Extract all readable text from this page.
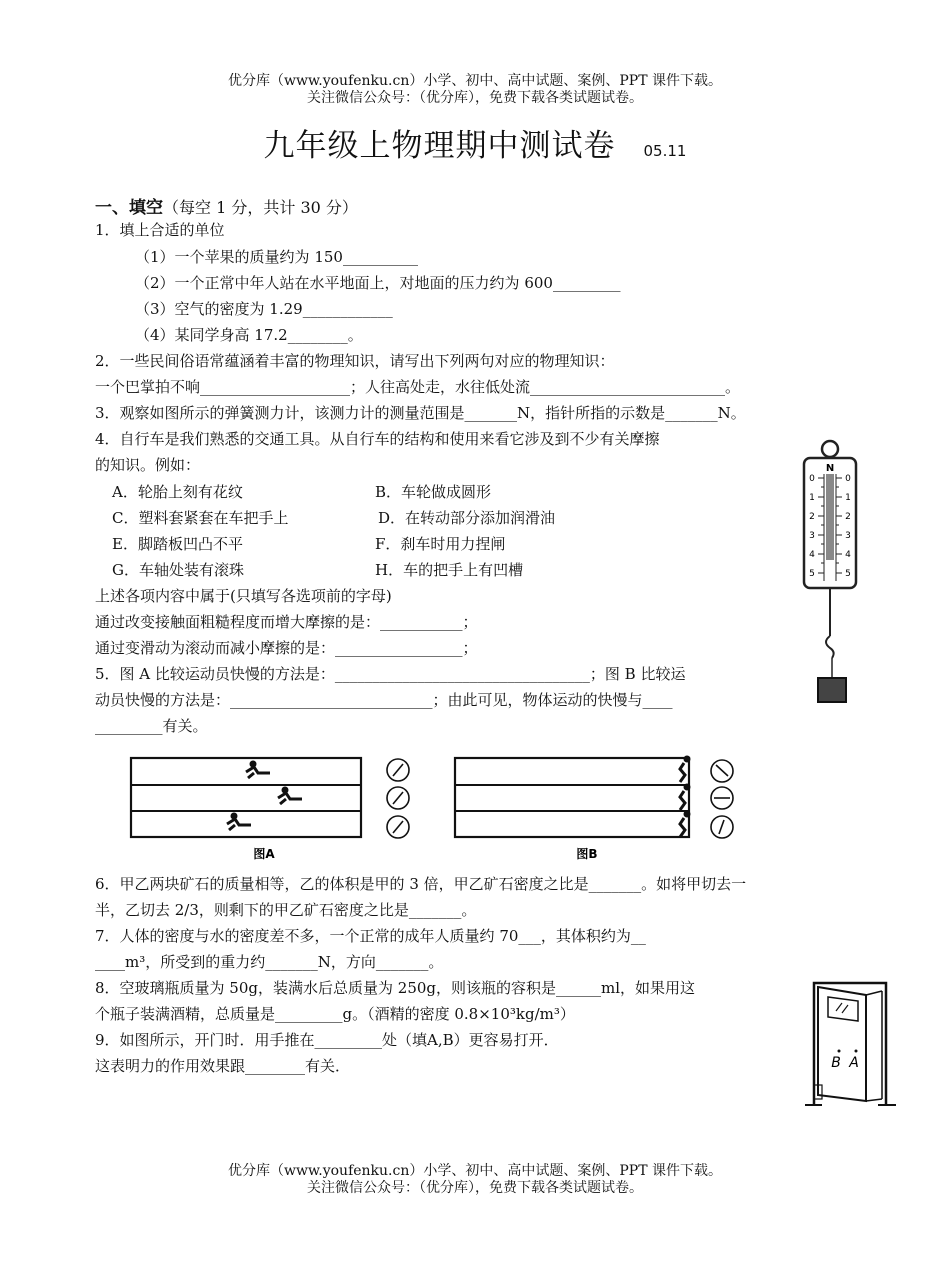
优分库（www.youfenku.cn）小学、初中、高中试题、案例、PPT 课件下载。
关注微信公众号：（优分库），免费下载各类试题试卷。
九年级上物理期中测试卷 05.11
一、填空（每空 1 分，共计 30 分）
1．填上合适的单位
（1）一个苹果的质量约为 150__________
（2）一个正常中年人站在水平地面上，对地面的压力约为 600_________
（3）空气的密度为 1.29____________
（4）某同学身高 17.2________。
2．一些民间俗语常蕴涵着丰富的物理知识，请写出下列两句对应的物理知识：
一个巴掌拍不响____________________；人往高处走，水往低处流__________________________。
3．观察如图所示的弹簧测力计，该测力计的测量范围是_______N，指针所指的示数是_______N。
4．自行车是我们熟悉的交通工具。从自行车的结构和使用来看它涉及到不少有关摩擦
的知识。例如：
A．轮胎上刻有花纹	B．车轮做成圆形
C．塑料套紧套在车把手上	D．在转动部分添加润滑油
E．脚踏板凹凸不平	F．刹车时用力捏闸
G．车轴处装有滚珠	H．车的把手上有凹槽
上述各项内容中属于(只填写各选项前的字母)
通过改变接触面粗糙程度而增大摩擦的是：___________；
通过变滑动为滚动而减小摩擦的是：_________________；
5．图 A 比较运动员快慢的方法是：__________________________________；图 B 比较运
动员快慢的方法是：___________________________；由此可见，物体运动的快慢与____
_________有关。
N
0
1
2
3
4
5
0
1
2
3
4
5
图A	图B
6．甲乙两块矿石的质量相等，乙的体积是甲的 3 倍，甲乙矿石密度之比是_______。如将甲切去一
半，乙切去 2/3，则剩下的甲乙矿石密度之比是_______。
7．人体的密度与水的密度差不多，一个正常的成年人质量约 70___，其体积约为__
____m³，所受到的重力约_______N，方向_______。
8．空玻璃瓶质量为 50g，装满水后总质量为 250g，则该瓶的容积是______ml，如果用这
个瓶子装满酒精，总质量是_________g。（酒精的密度 0.8×10³kg/m³）
9．如图所示，开门时．用手推在_________处（填A,B）更容易打开．
这表明力的作用效果跟________有关．	B A
优分库（www.youfenku.cn）小学、初中、高中试题、案例、PPT 课件下载。
关注微信公众号：（优分库），免费下载各类试题试卷。
